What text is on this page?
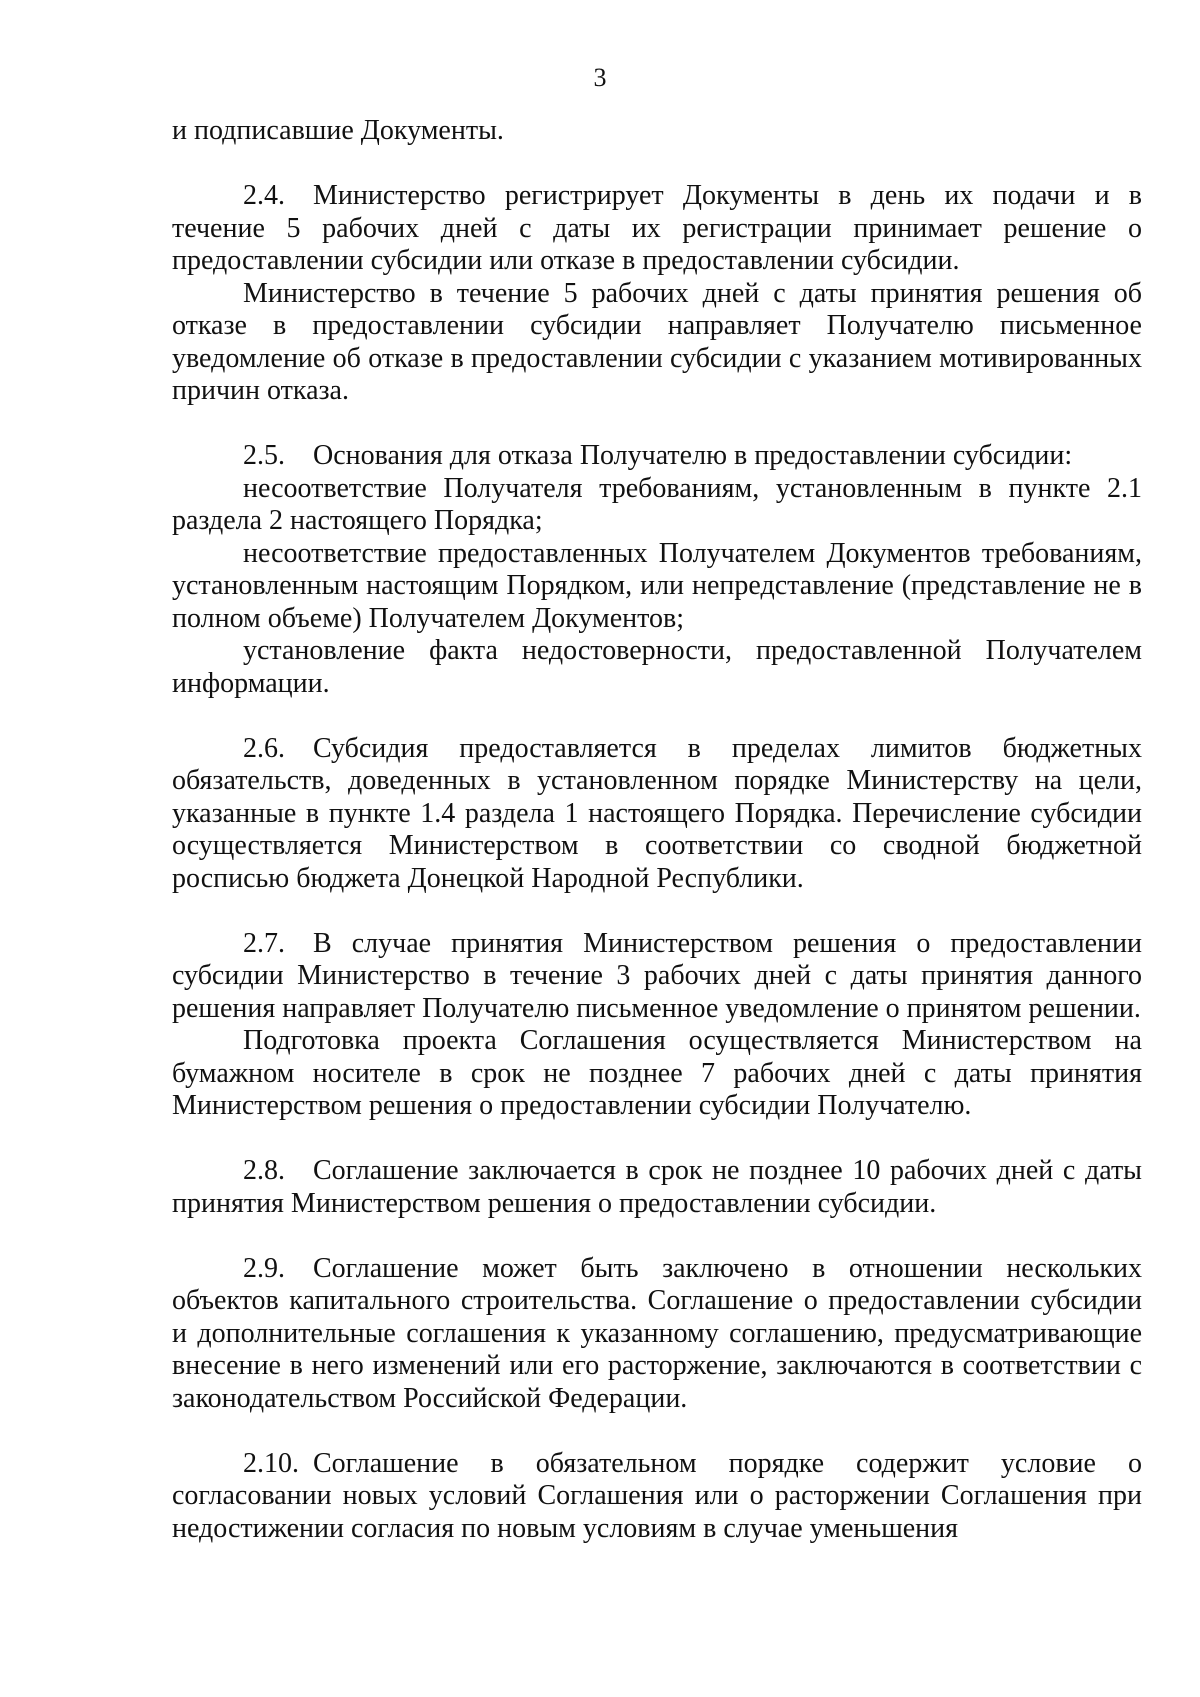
3

и подписавшие Документы.

2.4. Министерство регистрирует Документы в день их подачи и в течение 5 рабочих дней с даты их регистрации принимает решение о предоставлении субсидии или отказе в предоставлении субсидии.

Министерство в течение 5 рабочих дней с даты принятия решения об отказе в предоставлении субсидии направляет Получателю письменное уведомление об отказе в предоставлении субсидии с указанием мотивированных причин отказа.

2.5. Основания для отказа Получателю в предоставлении субсидии:

несоответствие Получателя требованиям, установленным в пункте 2.1 раздела 2 настоящего Порядка;

несоответствие предоставленных Получателем Документов требованиям, установленным настоящим Порядком, или непредставление (представление не в полном объеме) Получателем Документов;

установление факта недостоверности, предоставленной Получателем информации.

2.6. Субсидия предоставляется в пределах лимитов бюджетных обязательств, доведенных в установленном порядке Министерству на цели, указанные в пункте 1.4 раздела 1 настоящего Порядка. Перечисление субсидии осуществляется Министерством в соответствии со сводной бюджетной росписью бюджета Донецкой Народной Республики.

2.7. В случае принятия Министерством решения о предоставлении субсидии Министерство в течение 3 рабочих дней с даты принятия данного решения направляет Получателю письменное уведомление о принятом решении.

Подготовка проекта Соглашения осуществляется Министерством на бумажном носителе в срок не позднее 7 рабочих дней с даты принятия Министерством решения о предоставлении субсидии Получателю.

2.8. Соглашение заключается в срок не позднее 10 рабочих дней с даты принятия Министерством решения о предоставлении субсидии.

2.9. Соглашение может быть заключено в отношении нескольких объектов капитального строительства. Соглашение о предоставлении субсидии и дополнительные соглашения к указанному соглашению, предусматривающие внесение в него изменений или его расторжение, заключаются в соответствии с законодательством Российской Федерации.

2.10. Соглашение в обязательном порядке содержит условие о согласовании новых условий Соглашения или о расторжении Соглашения при недостижении согласия по новым условиям в случае уменьшения
